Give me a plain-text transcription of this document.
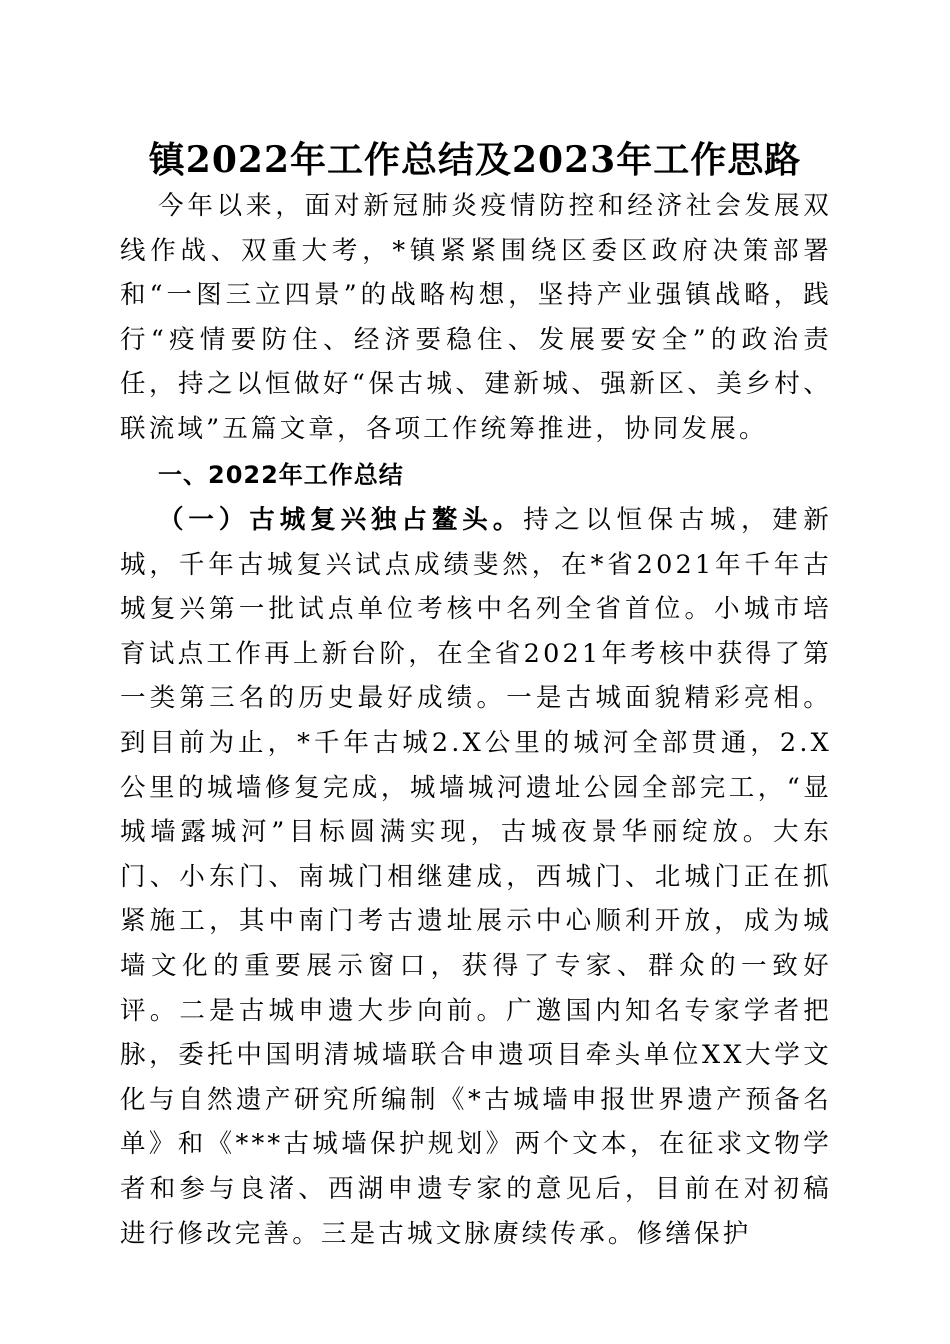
镇2022年工作总结及2023年工作思路

今年以来，面对新冠肺炎疫情防控和经济社会发展双线作战、双重大考，*镇紧紧围绕区委区政府决策部署和“一图三立四景”的战略构想，坚持产业强镇战略，践行“疫情要防住、经济要稳住、发展要安全”的政治责任，持之以恒做好“保古城、建新城、强新区、美乡村、联流域”五篇文章，各项工作统筹推进，协同发展。

一、2022年工作总结

（一）古城复兴独占鳌头。持之以恒保古城，建新城，千年古城复兴试点成绩斐然，在*省2021年千年古城复兴第一批试点单位考核中名列全省首位。小城市培育试点工作再上新台阶，在全省2021年考核中获得了第一类第三名的历史最好成绩。一是古城面貌精彩亮相。到目前为止，*千年古城2.X公里的城河全部贯通，2.X公里的城墙修复完成，城墙城河遗址公园全部完工，“显城墙露城河”目标圆满实现，古城夜景华丽绽放。大东门、小东门、南城门相继建成，西城门、北城门正在抓紧施工，其中南门考古遗址展示中心顺利开放，成为城墙文化的重要展示窗口，获得了专家、群众的一致好评。二是古城申遗大步向前。广邀国内知名专家学者把脉，委托中国明清城墙联合申遗项目牵头单位XX大学文化与自然遗产研究所编制《*古城墙申报世界遗产预备名单》和《***古城墙保护规划》两个文本，在征求文物学者和参与良渚、西湖申遗专家的意见后，目前在对初稿进行修改完善。三是古城文脉赓续传承。修缮保护
